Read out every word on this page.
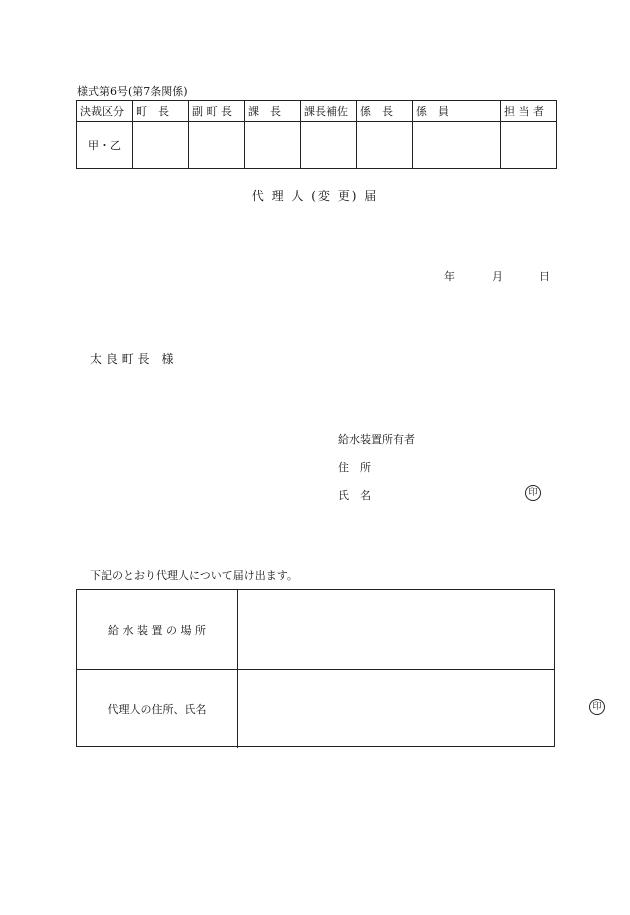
様式第6号(第7条関係)
決裁区分	町　長	副 町 長	課　長	課長補佐	係　長	係　員	担 当 者
甲・乙							
代 理 人 (変 更) 届
年	月	日
太 良 町 長　様
給水装置所有者
住　所
氏　名	印
下記のとおり代理人について届け出ます。
給 水 装 置 の 場 所
代理人の住所、氏名	印
